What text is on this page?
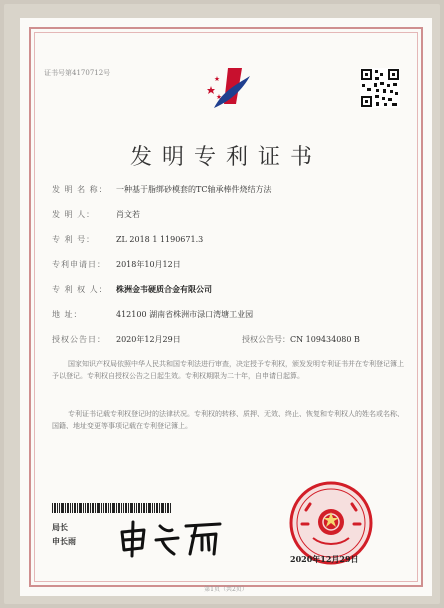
证书号第4170712号
发明专利证书
发 明 名 称： 一种基于脂绑砂模套的TC轴承棒件烧结方法
发 明 人：	肖文若
专 利 号：	ZL 2018 1 1190671.3
专利申请日： 2018年10月12日
专 利 权 人： 株洲金韦硬质合金有限公司
地 址：	412100 湖南省株洲市渌口湾塘工业园
授权公告日： 2020年12月29日	授权公告号：CN 109434080 B
国家知识产权局依照中华人民共和国专利法进行审查，决定授予专利权，颁发发明专利证书并在专利登记簿上予以登记。专利权自授权公告之日起生效。专利权期限为二十年，自申请日起算。
专利证书记载专利权登记时的法律状况。专利权的转移、质押、无效、终止、恢复和专利权人的姓名或名称、国籍、地址变更等事项记载在专利登记簿上。
局长
申长雨
2020年12月29日
第1页（共2页）
